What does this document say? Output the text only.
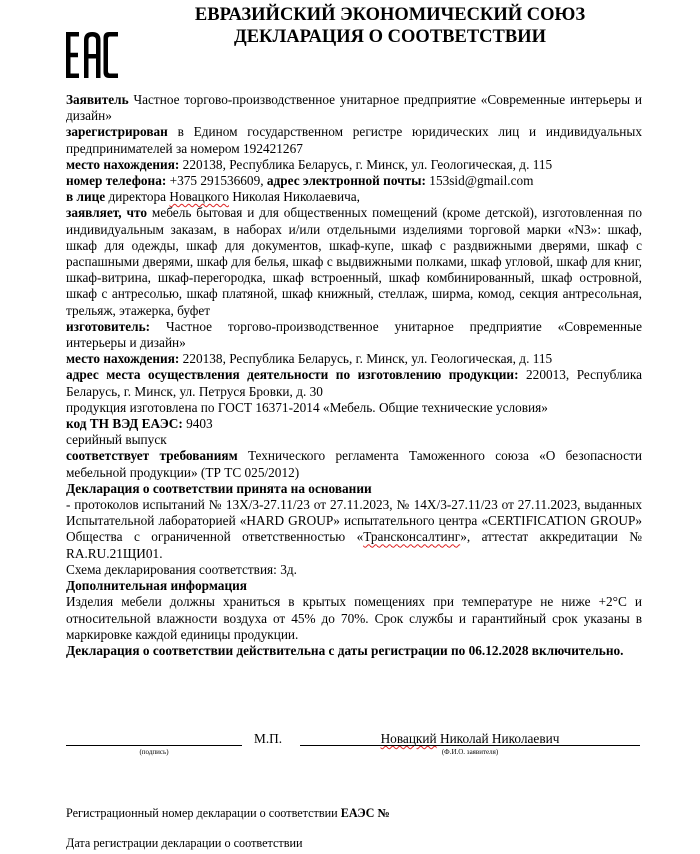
ЕВРАЗИЙСКИЙ ЭКОНОМИЧЕСКИЙ СОЮЗ
ДЕКЛАРАЦИЯ О СООТВЕТСТВИИ

Заявитель Частное торгово-производственное унитарное предприятие «Современные интерьеры и дизайн»

зарегистрирован в Едином государственном регистре юридических лиц и индивидуальных предпринимателей за номером 192421267

место нахождения: 220138, Республика Беларусь, г. Минск, ул. Геологическая, д. 115

номер телефона: +375 291536609, адрес электронной почты: 153sid@gmail.com

в лице директора Новацкого Николая Николаевича,

заявляет, что мебель бытовая и для общественных помещений (кроме детской), изготовленная по индивидуальным заказам, в наборах и/или отдельными изделиями торговой марки «N3»: шкаф, шкаф для одежды, шкаф для документов, шкаф-купе, шкаф с раздвижными дверями, шкаф с распашными дверями, шкаф для белья, шкаф с выдвижными полками, шкаф угловой, шкаф для книг, шкаф-витрина, шкаф-перегородка, шкаф встроенный, шкаф комбинированный, шкаф островной, шкаф с антресолью, шкаф платяной, шкаф книжный, стеллаж, ширма, комод, секция антресольная, трельяж, этажерка, буфет

изготовитель: Частное торгово-производственное унитарное предприятие «Современные интерьеры и дизайн»

место нахождения: 220138, Республика Беларусь, г. Минск, ул. Геологическая, д. 115

адрес места осуществления деятельности по изготовлению продукции: 220013, Республика Беларусь, г. Минск, ул. Петруся Бровки, д. 30

продукция изготовлена по ГОСТ 16371-2014 «Мебель. Общие технические условия»

код ТН ВЭД ЕАЭС: 9403

серийный выпуск

соответствует требованиям Технического регламента Таможенного союза «О безопасности мебельной продукции» (ТР ТС 025/2012)

Декларация о соответствии принята на основании

- протоколов испытаний № 13Х/3-27.11/23 от 27.11.2023, № 14Х/3-27.11/23 от 27.11.2023, выданных Испытательной лабораторией «HARD GROUP» испытательного центра «CERTIFICATION GROUP» Общества с ограниченной ответственностью «Трансконсалтинг», аттестат аккредитации № RA.RU.21ЩИ01.

Схема декларирования соответствия: 3д.

Дополнительная информация

Изделия мебели должны храниться в крытых помещениях при температуре не ниже +2°С и относительной влажности воздуха от 45% до 70%. Срок службы и гарантийный срок указаны в маркировке каждой единицы продукции.

Декларация о соответствии действительна с даты регистрации по 06.12.2028 включительно.

(подпись)
М.П.	Новацкий Николай Николаевич
(Ф.И.О. заявителя)
Регистрационный номер декларации о соответствии ЕАЭС №
Дата регистрации декларации о соответствии
